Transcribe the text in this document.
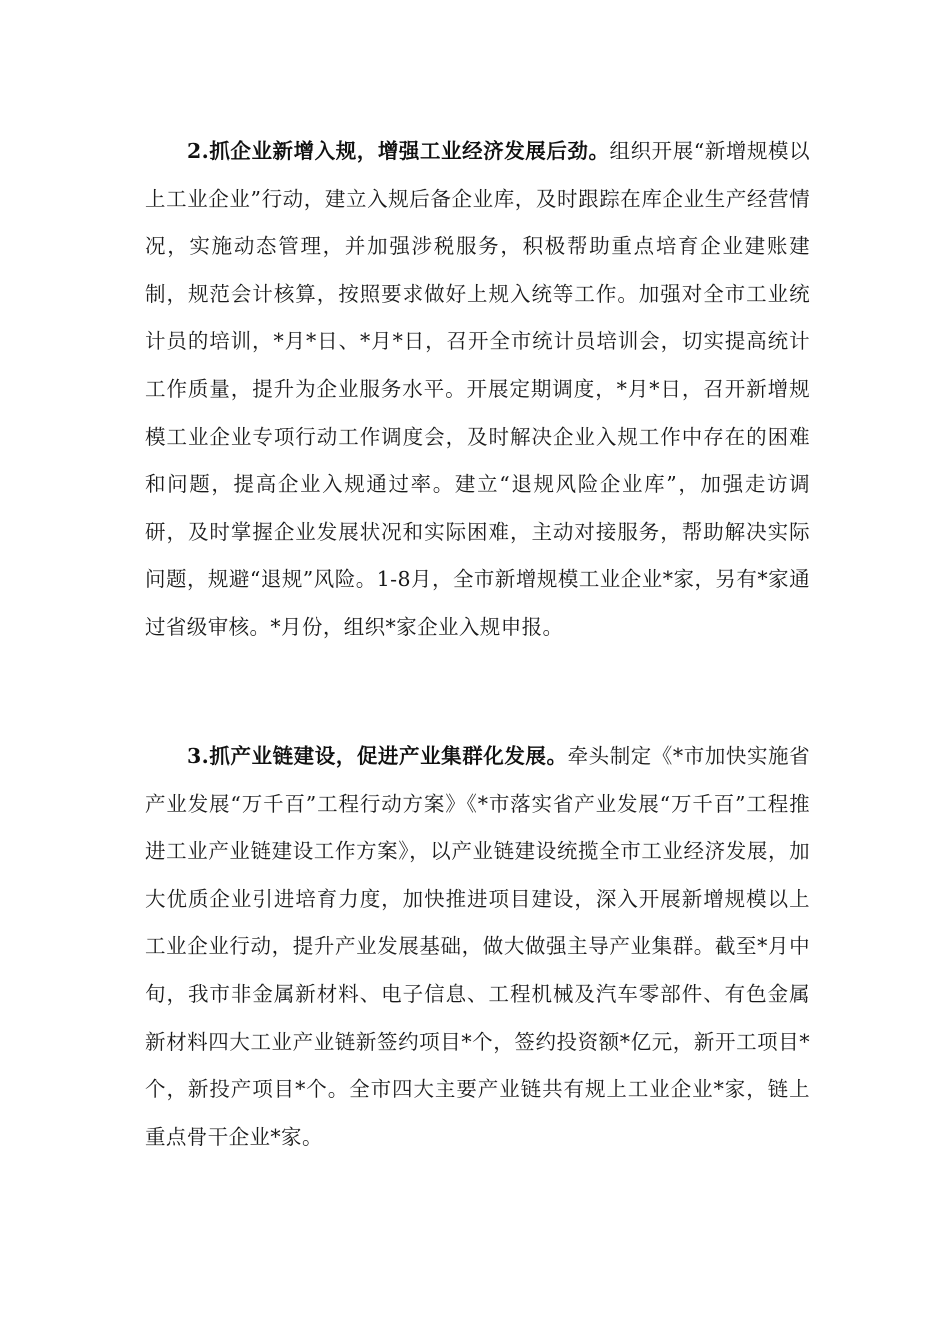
2.抓企业新增入规，增强工业经济发展后劲。组织开展“新增规模以上工业企业”行动，建立入规后备企业库，及时跟踪在库企业生产经营情况，实施动态管理，并加强涉税服务，积极帮助重点培育企业建账建制，规范会计核算，按照要求做好上规入统等工作。加强对全市工业统计员的培训，*月*日、*月*日，召开全市统计员培训会，切实提高统计工作质量，提升为企业服务水平。开展定期调度，*月*日，召开新增规模工业企业专项行动工作调度会，及时解决企业入规工作中存在的困难和问题，提高企业入规通过率。建立“退规风险企业库”，加强走访调研，及时掌握企业发展状况和实际困难，主动对接服务，帮助解决实际问题，规避“退规”风险。1-8月，全市新增规模工业企业*家，另有*家通过省级审核。*月份，组织*家企业入规申报。

3.抓产业链建设，促进产业集群化发展。牵头制定《*市加快实施省产业发展“万千百”工程行动方案》《*市落实省产业发展“万千百”工程推进工业产业链建设工作方案》，以产业链建设统揽全市工业经济发展，加大优质企业引进培育力度，加快推进项目建设，深入开展新增规模以上工业企业行动，提升产业发展基础，做大做强主导产业集群。截至*月中旬，我市非金属新材料、电子信息、工程机械及汽车零部件、有色金属新材料四大工业产业链新签约项目*个，签约投资额*亿元，新开工项目*个，新投产项目*个。全市四大主要产业链共有规上工业企业*家，链上重点骨干企业*家。
